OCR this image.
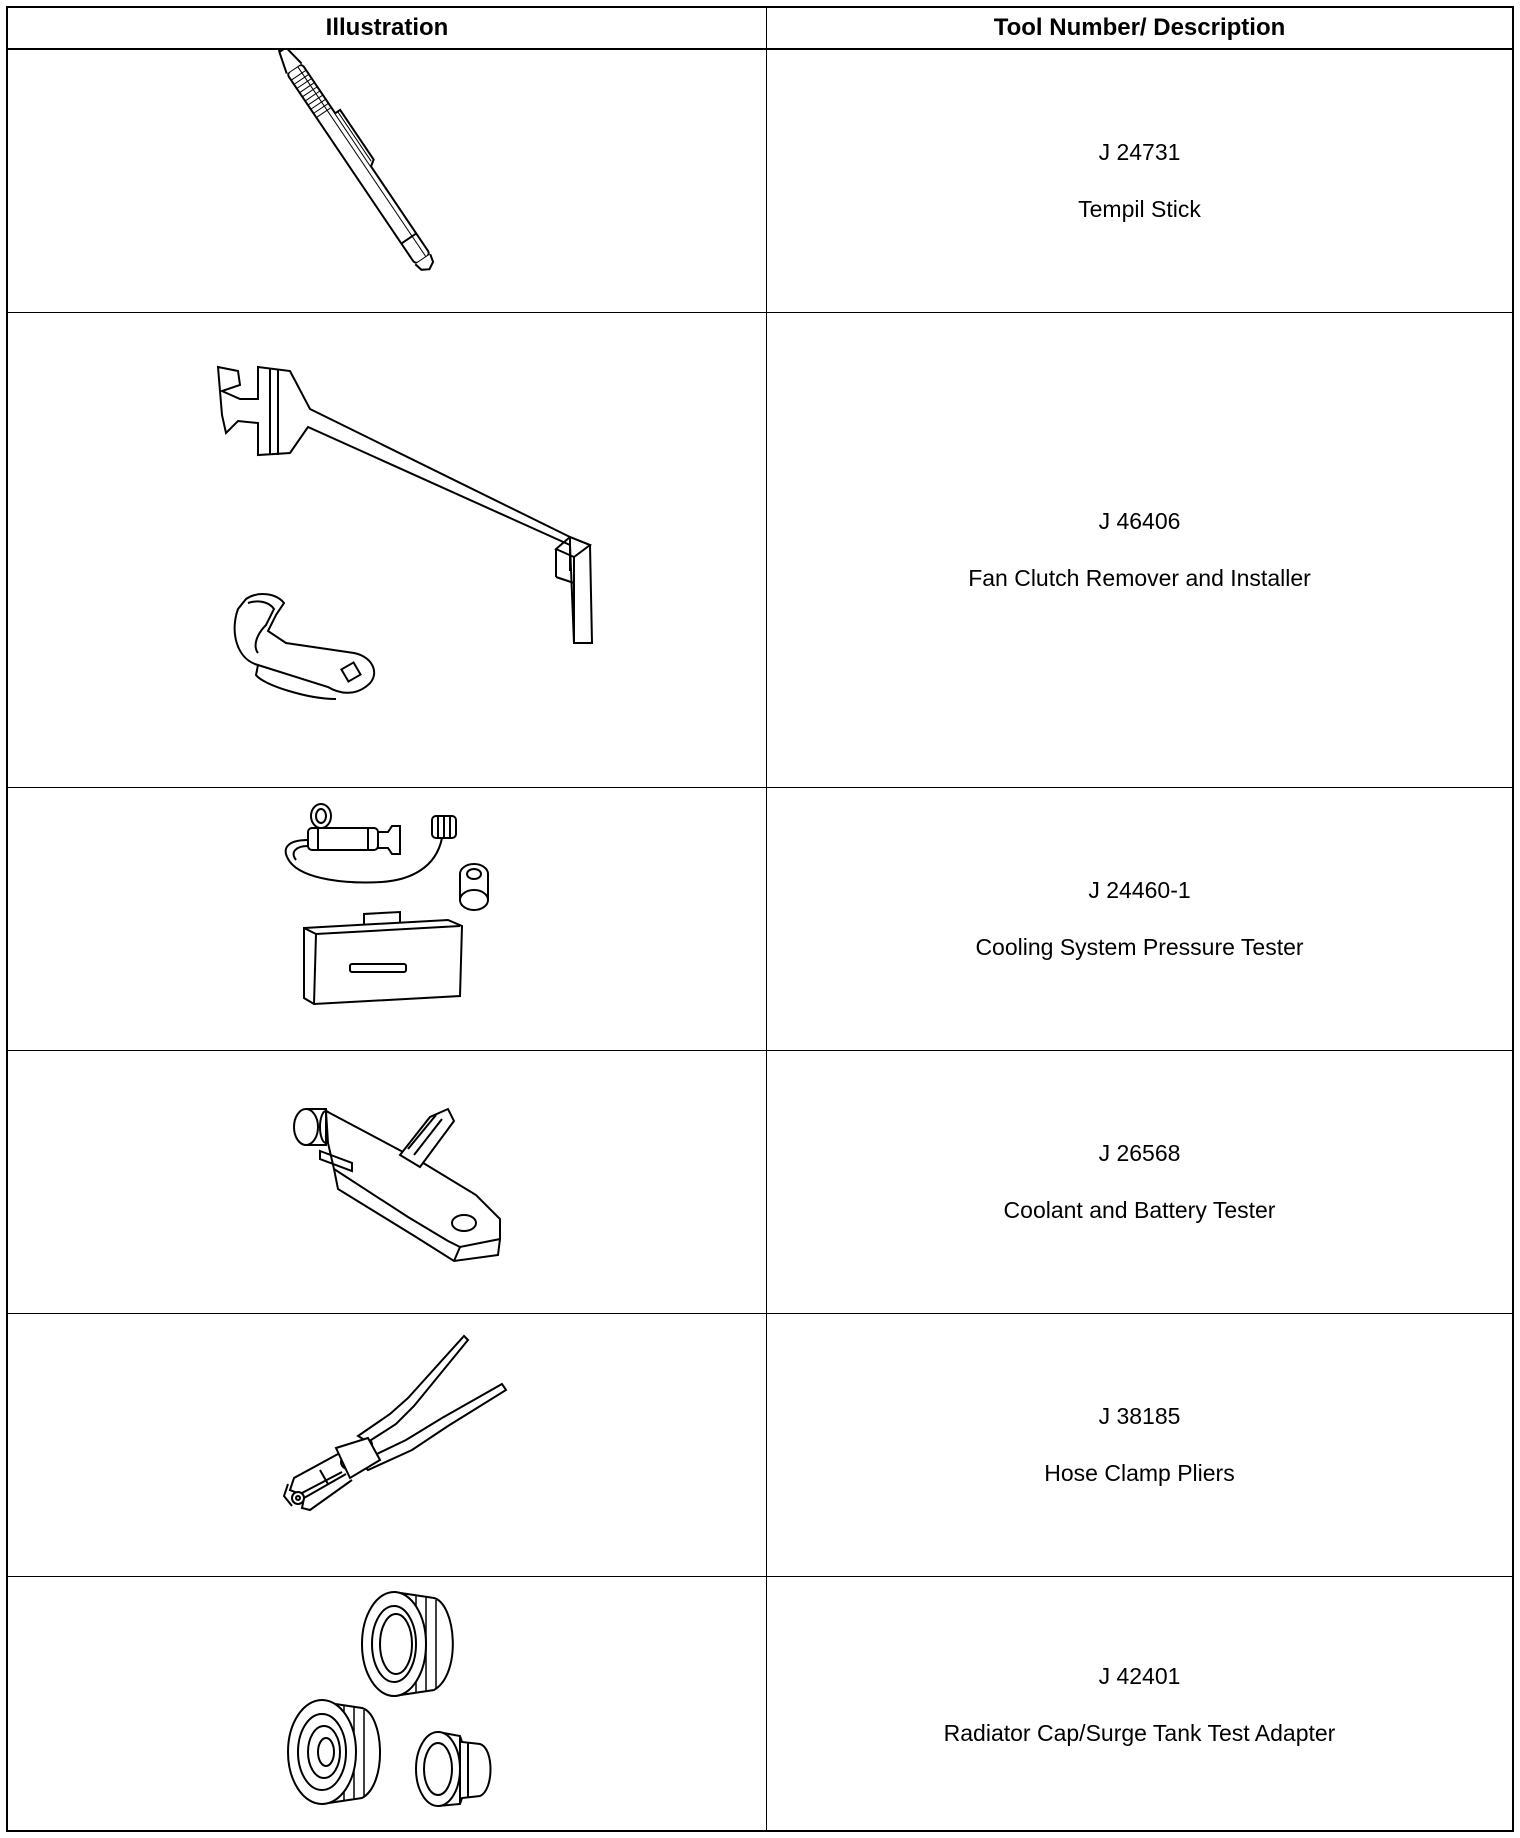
Illustration	Tool Number/ Description
J 24731
Tempil Stick
J 46406
Fan Clutch Remover and Installer
J 24460-1
Cooling System Pressure Tester
J 26568
Coolant and Battery Tester
J 38185
Hose Clamp Pliers
J 42401
Radiator Cap/Surge Tank Test Adapter
